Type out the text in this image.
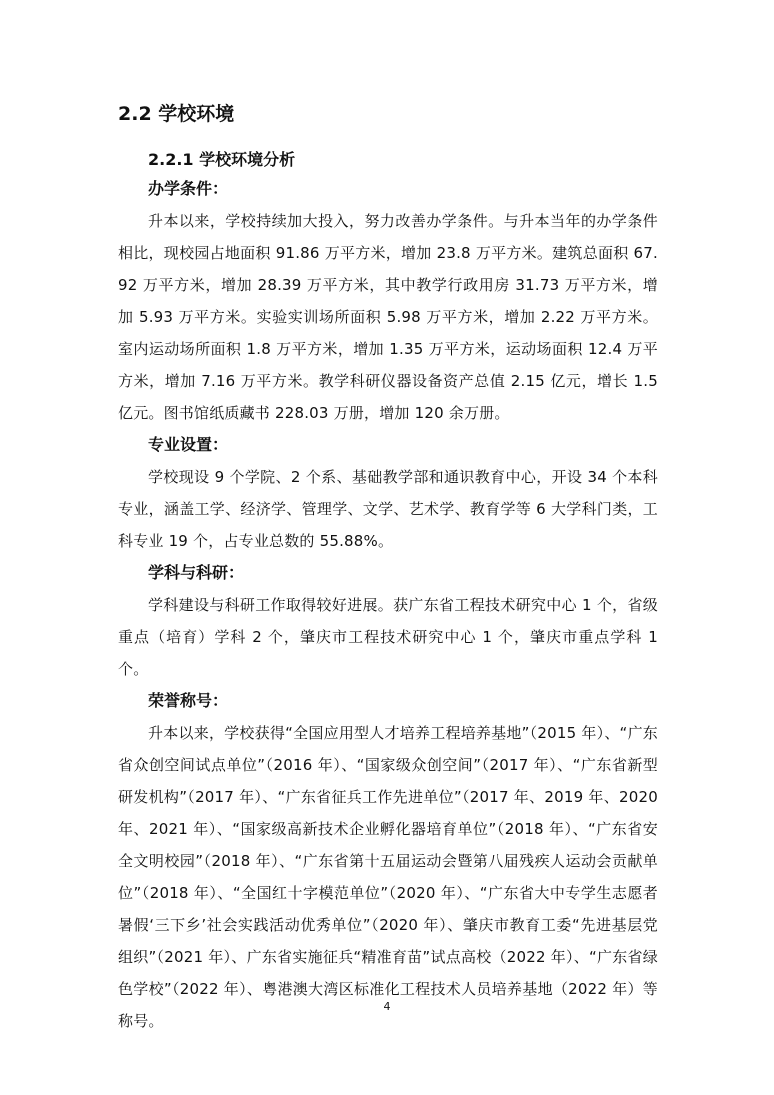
2.2 学校环境
2.2.1 学校环境分析

办学条件：

升本以来，学校持续加大投入，努力改善办学条件。与升本当年的办学条件相比，现校园占地面积 91.86 万平方米，增加 23.8 万平方米。建筑总面积 67.92 万平方米，增加 28.39 万平方米，其中教学行政用房 31.73 万平方米，增加 5.93 万平方米。实验实训场所面积 5.98 万平方米，增加 2.22 万平方米。室内运动场所面积 1.8 万平方米，增加 1.35 万平方米，运动场面积 12.4 万平方米，增加 7.16 万平方米。教学科研仪器设备资产总值 2.15 亿元，增长 1.5 亿元。图书馆纸质藏书 228.03 万册，增加 120 余万册。

专业设置：

学校现设 9 个学院、2 个系、基础教学部和通识教育中心，开设 34 个本科专业，涵盖工学、经济学、管理学、文学、艺术学、教育学等 6 大学科门类，工科专业 19 个，占专业总数的 55.88%。

学科与科研：

学科建设与科研工作取得较好进展。获广东省工程技术研究中心 1 个，省级重点（培育）学科 2 个，肇庆市工程技术研究中心 1 个，肇庆市重点学科 1 个。

荣誉称号：

升本以来，学校获得“全国应用型人才培养工程培养基地”（2015 年）、“广东省众创空间试点单位”（2016 年）、“国家级众创空间”（2017 年）、“广东省新型研发机构”（2017 年）、“广东省征兵工作先进单位”（2017 年、2019 年、2020 年、2021 年）、“国家级高新技术企业孵化器培育单位”（2018 年）、“广东省安全文明校园”（2018 年）、“广东省第十五届运动会暨第八届残疾人运动会贡献单位”（2018 年）、“全国红十字模范单位”（2020 年）、“广东省大中专学生志愿者暑假‘三下乡’社会实践活动优秀单位”（2020 年）、肇庆市教育工委“先进基层党组织”（2021 年）、广东省实施征兵“精准育苗”试点高校（2022 年）、“广东省绿色学校”（2022 年）、粤港澳大湾区标准化工程技术人员培养基地（2022 年）等称号。

4
